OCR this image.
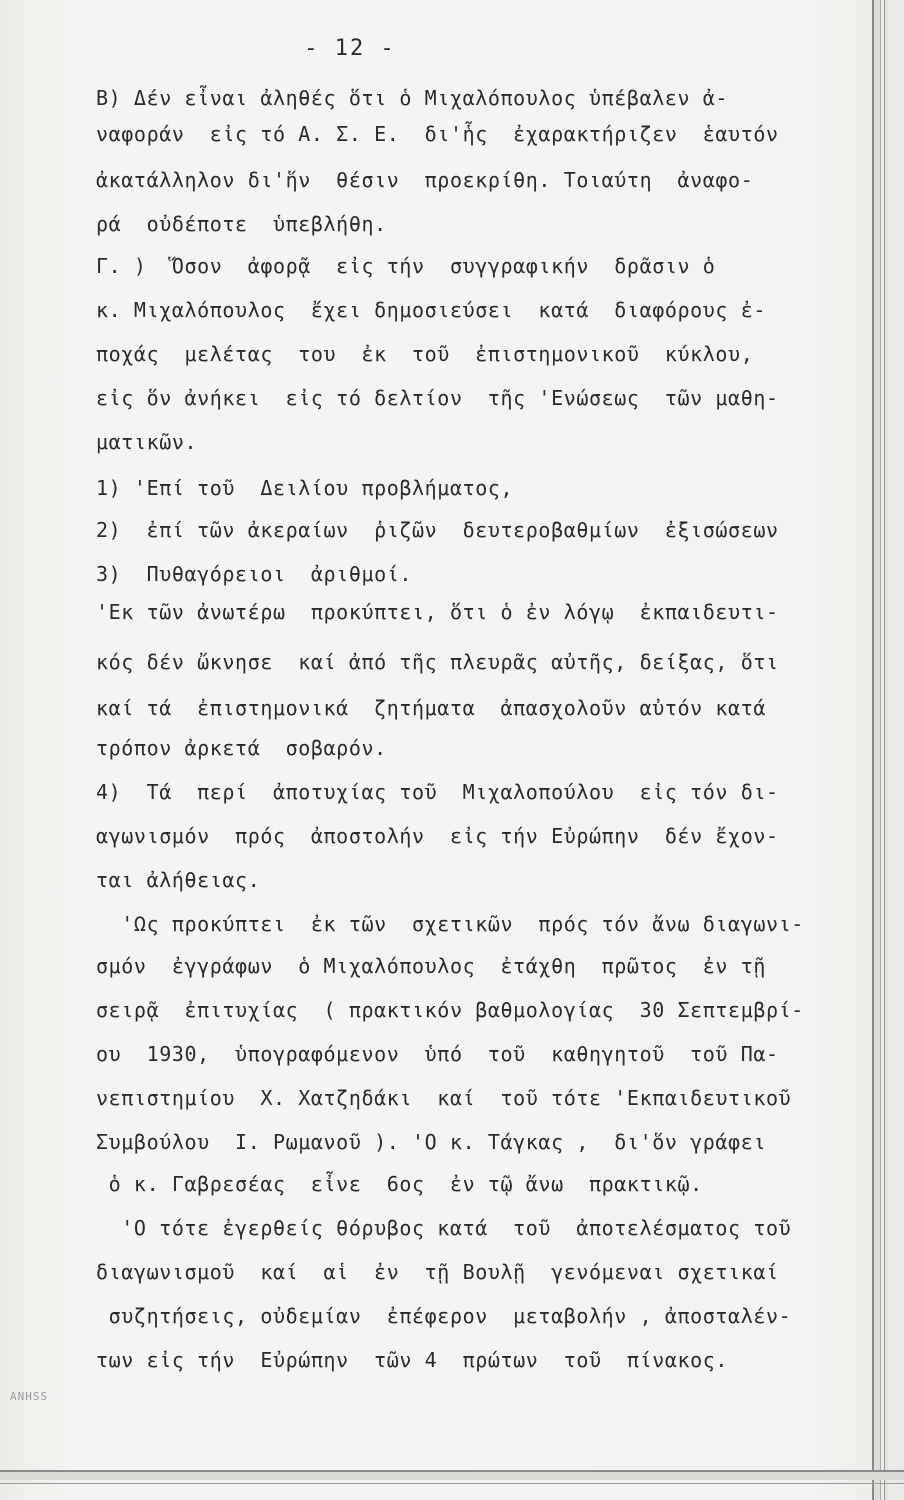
ANHSS
- 12 -
Β) Δέν εἶναι ἀληθές ὅτι ὁ Μιχαλόπουλος ὑπέβαλεν ἀ-
ναφοράν  εἰς τό Α. Σ. Ε.  δι'ἧς  ἐχαρακτήριζεν  ἑαυτόν
ἀκατάλληλον δι'ἥν  θέσιν  προεκρίθη. Τοιαύτη  ἀναφο-
ρά  οὐδέποτε  ὑπεβλήθη.
Γ. )  Ὅσον  ἀφορᾷ  εἰς τήν  συγγραφικήν  δρᾶσιν ὁ
κ. Μιχαλόπουλος  ἔχει δημοσιεύσει  κατά  διαφόρους ἐ-
ποχάς  μελέτας  του  ἐκ  τοῦ  ἐπιστημονικοῦ  κύκλου,
εἰς ὅν ἀνήκει  εἰς τό δελτίον  τῆς 'Ενώσεως  τῶν μαθη-
ματικῶν.
1) 'Επί τοῦ  Δειλίου προβλήματος,
2)  ἐπί τῶν ἀκεραίων  ῥιζῶν  δευτεροβαθμίων  ἐξισώσεων
3)  Πυθαγόρειοι  ἀριθμοί.
'Εκ τῶν ἀνωτέρω  προκύπτει, ὅτι ὁ ἐν λόγῳ  ἐκπαιδευτι-
κός δέν ὤκνησε  καί ἀπό τῆς πλευρᾶς αὐτῆς, δείξας, ὅτι
καί τά  ἐπιστημονικά  ζητήματα  ἀπασχολοῦν αὐτόν κατά
τρόπον ἀρκετά  σοβαρόν.
4)  Τά  περί  ἀποτυχίας τοῦ  Μιχαλοπούλου  εἰς τόν δι-
αγωνισμόν  πρός  ἀποστολήν  εἰς τήν Εὐρώπην  δέν ἔχον-
ται ἀλήθειας.
'Ως προκύπτει  ἐκ τῶν  σχετικῶν  πρός τόν ἄνω διαγωνι-
σμόν  ἐγγράφων  ὁ Μιχαλόπουλος  ἐτάχθη  πρῶτος  ἐν τῇ
σειρᾷ  ἐπιτυχίας  ( πρακτικόν βαθμολογίας  30 Σεπτεμβρί-
ου  1930,  ὑπογραφόμενον  ὑπό  τοῦ  καθηγητοῦ  τοῦ Πα-
νεπιστημίου  Χ. Χατζηδάκι  καί  τοῦ τότε 'Εκπαιδευτικοῦ
Συμβούλου  Ι. Ρωμανοῦ ). 'Ο κ. Τάγκας ,  δι'ὅν γράφει
ὁ κ. Γαβρεσέας  εἶνε  6ος  ἐν τῷ ἄνω  πρακτικῷ.
'Ο τότε ἐγερθείς θόρυβος κατά  τοῦ  ἀποτελέσματος τοῦ
διαγωνισμοῦ  καί  αἱ  ἐν  τῇ Βουλῇ  γενόμεναι σχετικαί
συζητήσεις, οὐδεμίαν  ἐπέφερον  μεταβολήν , ἀποσταλέν-
των εἰς τήν  Εὐρώπην  τῶν 4  πρώτων  τοῦ  πίνακος.
